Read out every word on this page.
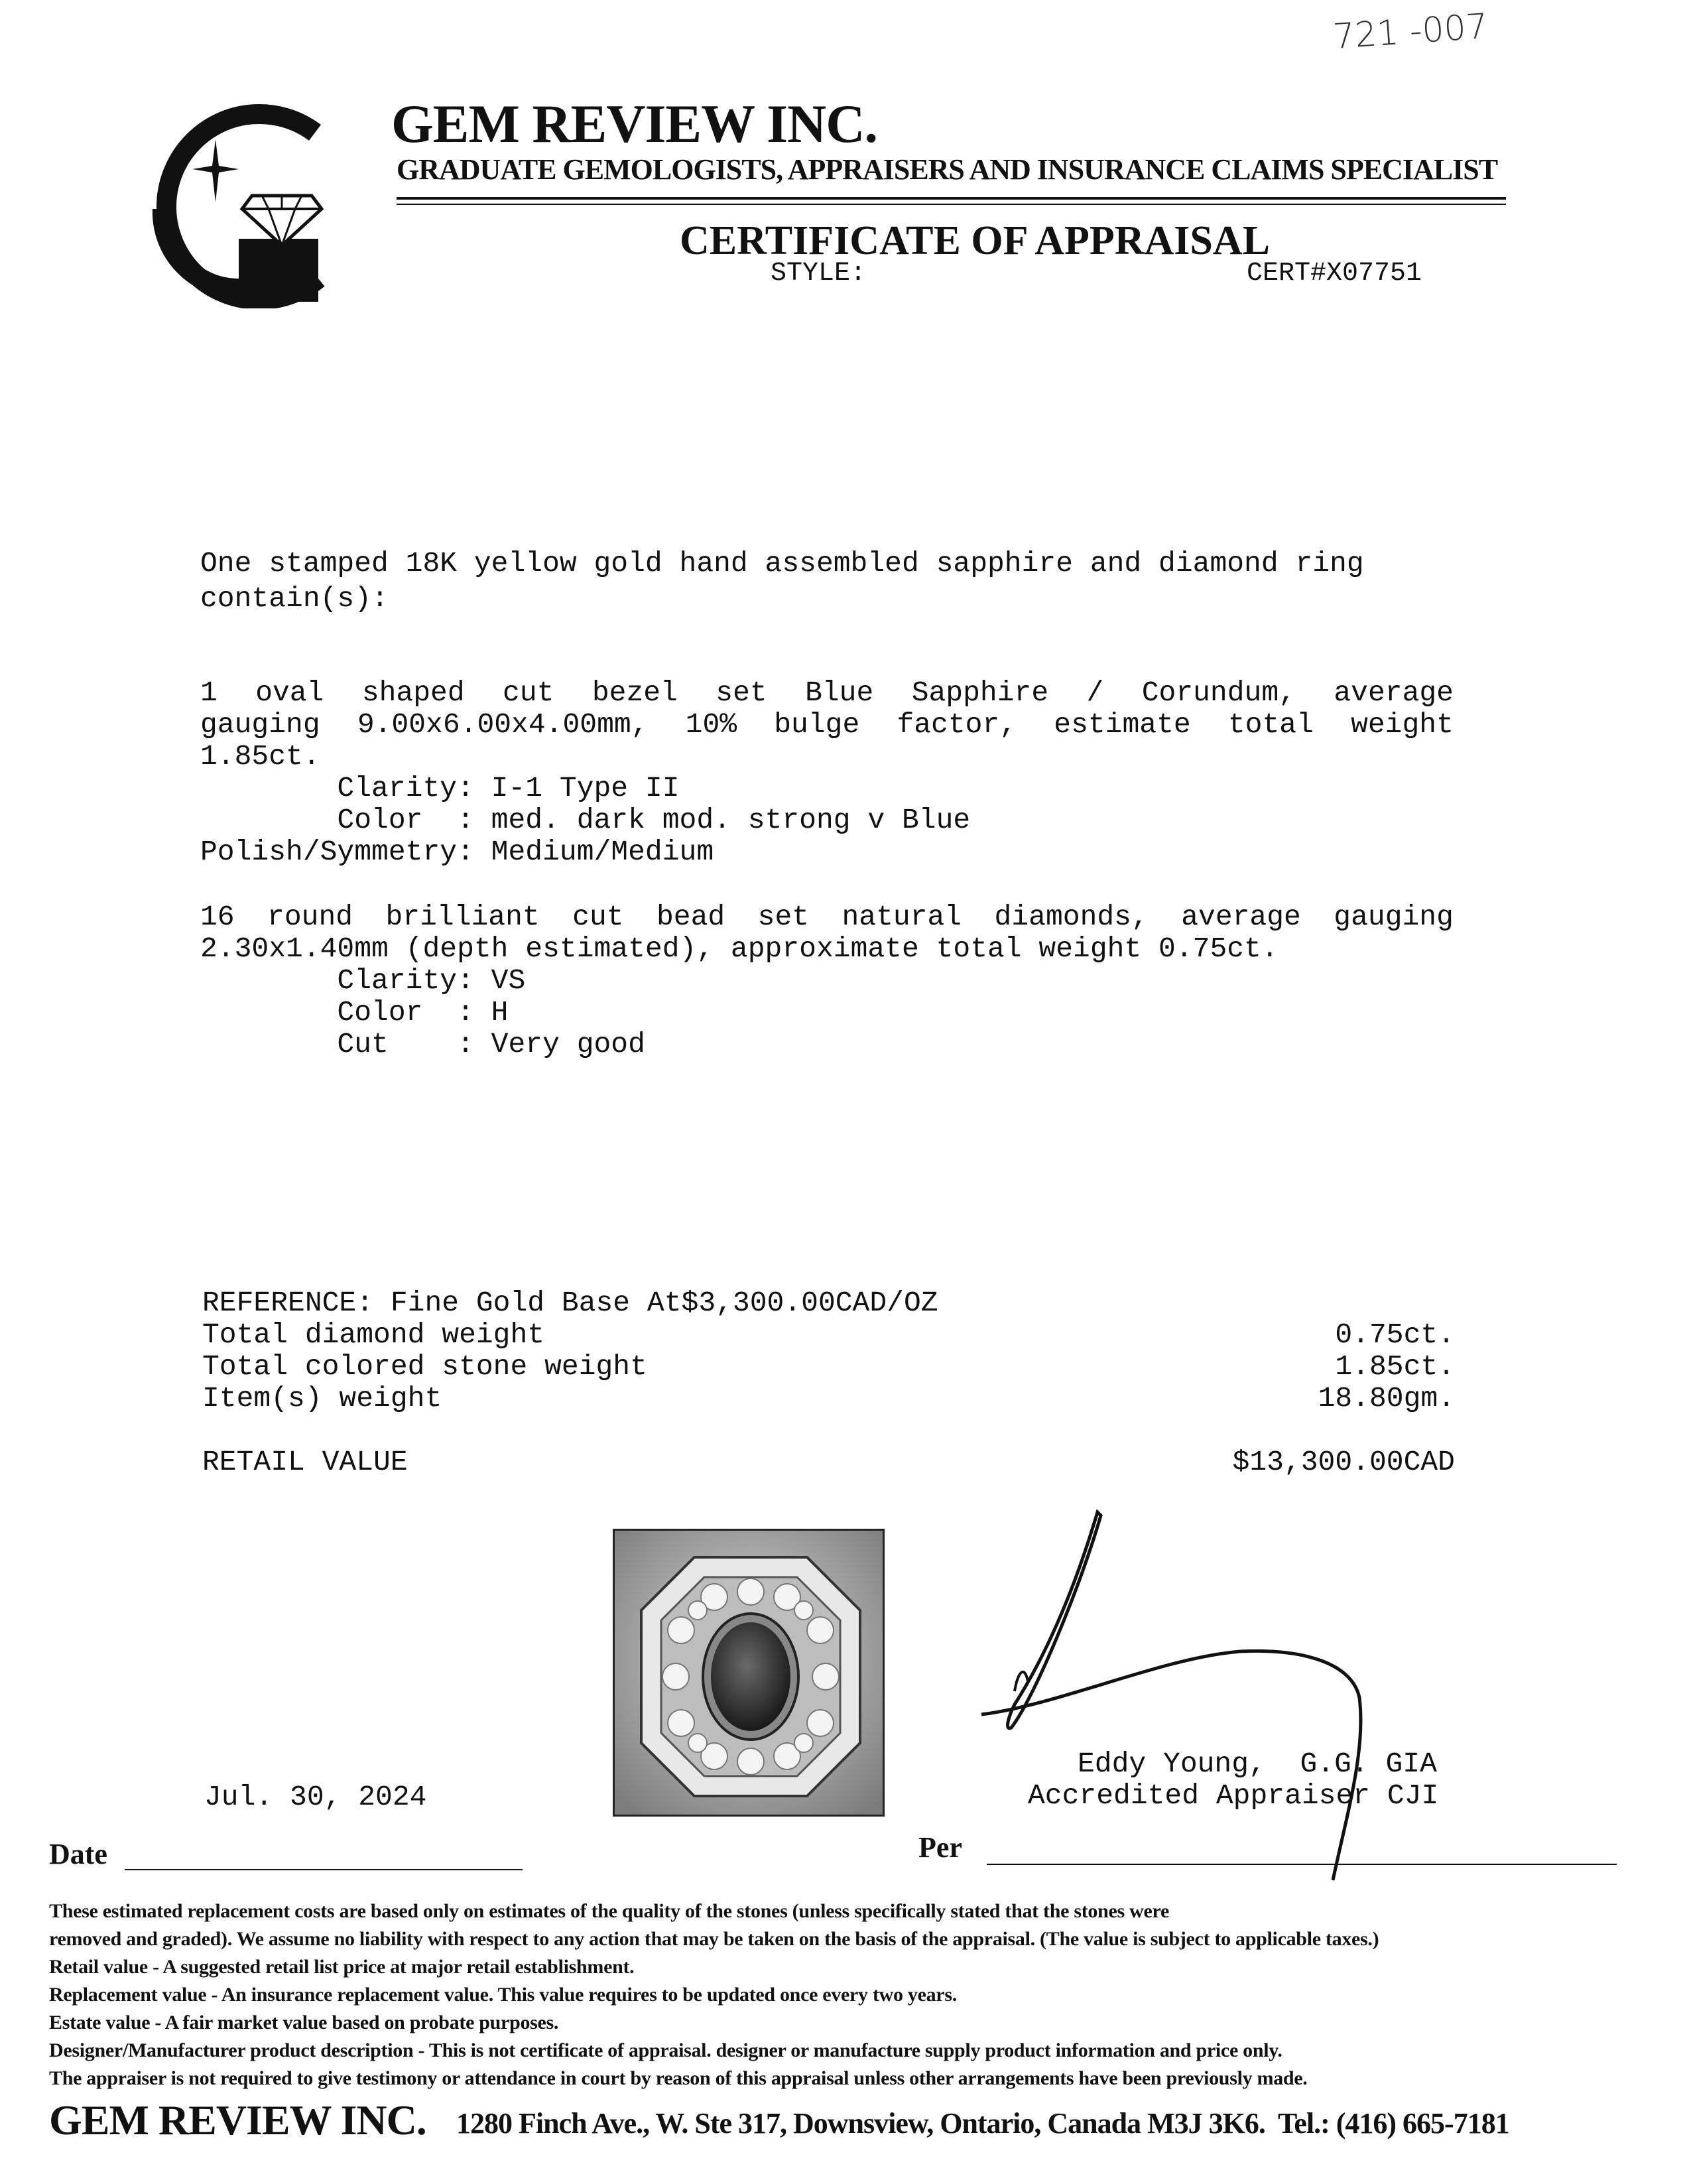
721 -007
GEM REVIEW INC.
GRADUATE GEMOLOGISTS, APPRAISERS AND INSURANCE CLAIMS SPECIALIST
CERTIFICATE OF APPRAISAL
STYLE:	CERT#X07751
One stamped 18K yellow gold hand assembled sapphire and diamond ring
contain(s):
1 oval shaped cut bezel set Blue Sapphire / Corundum, average
gauging 9.00x6.00x4.00mm, 10% bulge factor, estimate total weight
1.85ct.
Clarity: I-1 Type II
Color  : med. dark mod. strong v Blue
Polish/Symmetry: Medium/Medium
16 round brilliant cut bead set natural diamonds, average gauging
2.30x1.40mm (depth estimated), approximate total weight 0.75ct.
Clarity: VS
Color  : H
Cut    : Very good
REFERENCE: Fine Gold Base At$3,300.00CAD/OZ
Total diamond weight	0.75ct.
Total colored stone weight	1.85ct.
Item(s) weight	18.80gm.
RETAIL VALUE	$13,300.00CAD
Jul. 30, 2024
Eddy Young,  G.G. GIA
Accredited Appraiser CJI
Date	Per
These estimated replacement costs are based only on estimates of the quality of the stones (unless specifically stated that the stones were
removed and graded). We assume no liability with respect to any action that may be taken on the basis of the appraisal. (The value is subject to applicable taxes.)
Retail value - A suggested retail list price at major retail establishment.
Replacement value - An insurance replacement value. This value requires to be updated once every two years.
Estate value - A fair market value based on probate purposes.
Designer/Manufacturer product description - This is not certificate of appraisal. designer or manufacture supply product information and price only.
The appraiser is not required to give testimony or attendance in court by reason of this appraisal unless other arrangements have been previously made.
GEM REVIEW INC. 1280 Finch Ave., W. Ste 317, Downsview, Ontario, Canada M3J 3K6.  Tel.: (416) 665-7181
